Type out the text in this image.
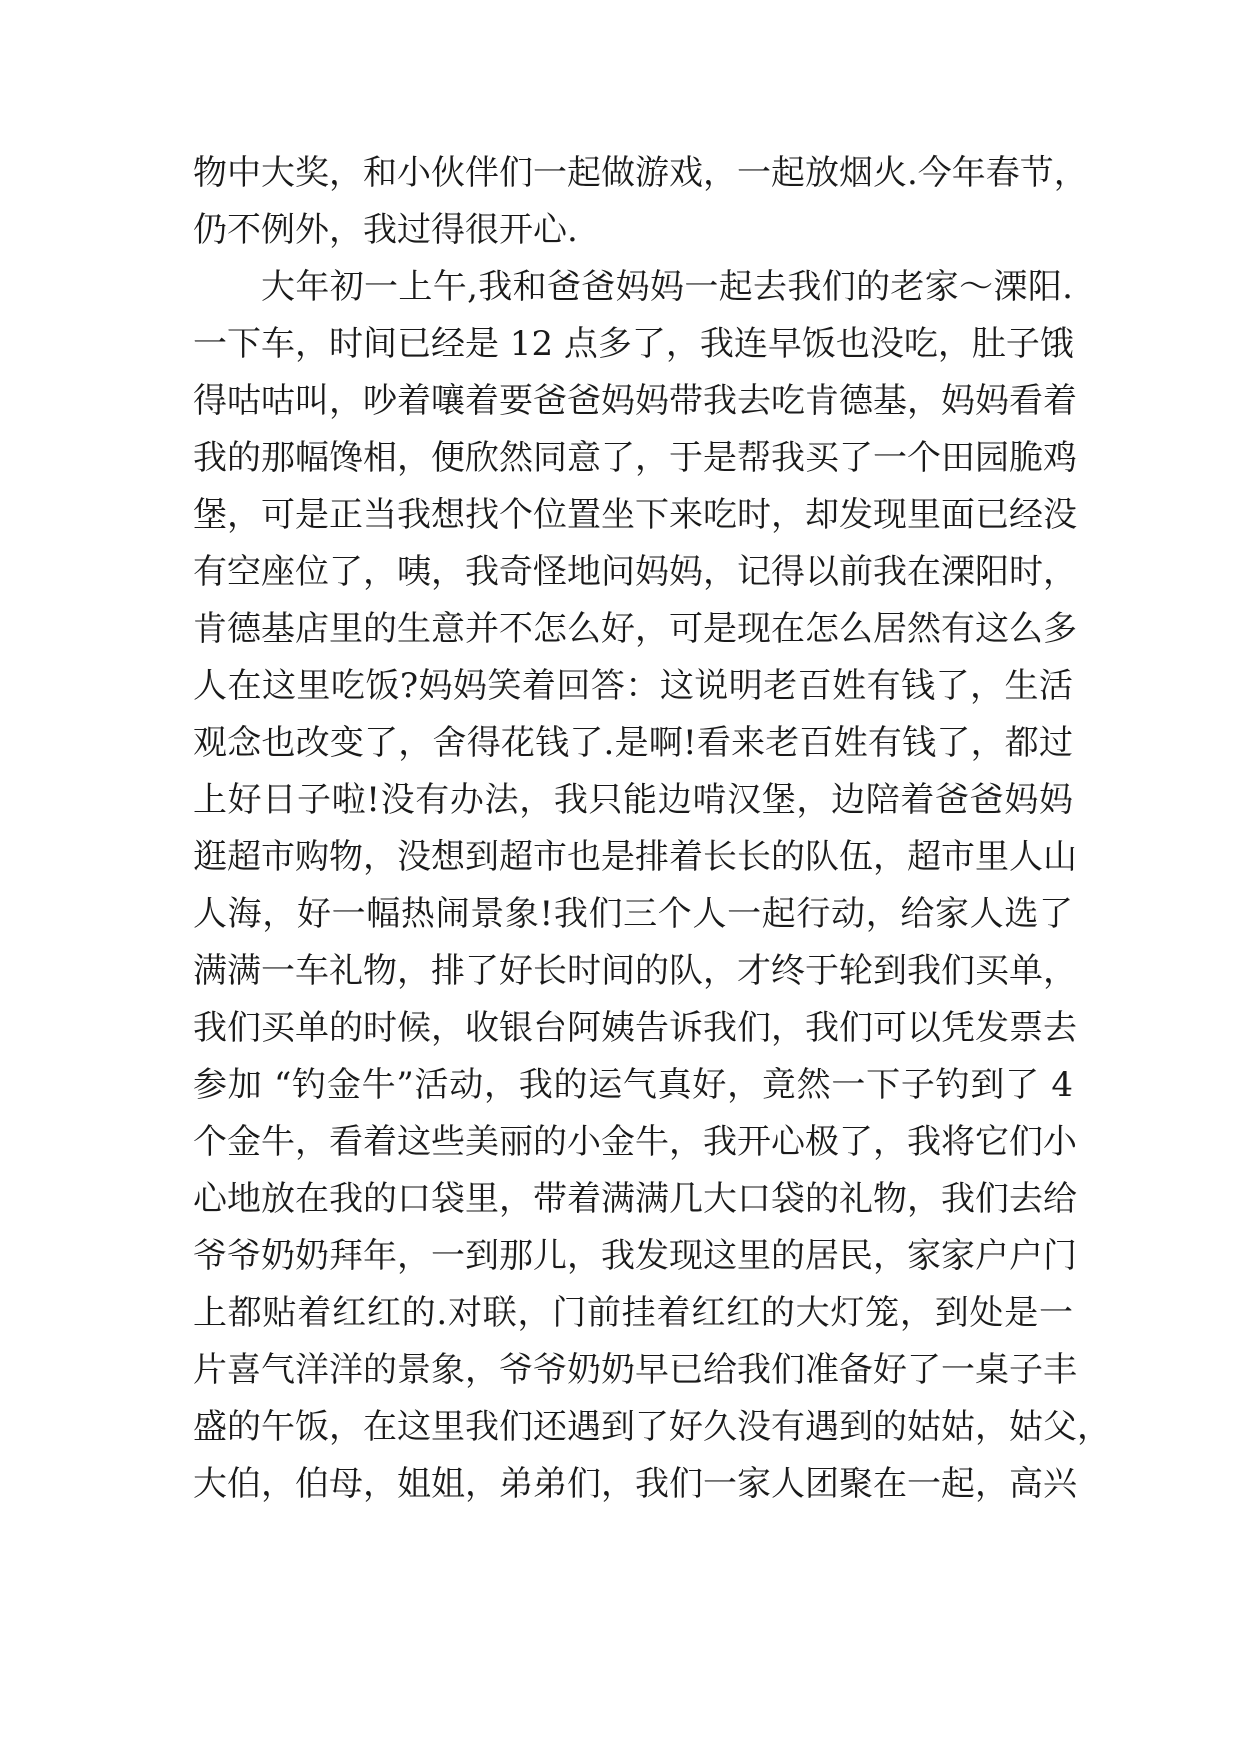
物中大奖，和小伙伴们一起做游戏，一起放烟火.今年春节，
仍不例外，我过得很开心.
大年初一上午,我和爸爸妈妈一起去我们的老家～溧阳.
一下车，时间已经是 12 点多了，我连早饭也没吃，肚子饿
得咕咕叫，吵着嚷着要爸爸妈妈带我去吃肯德基，妈妈看着
我的那幅馋相，便欣然同意了，于是帮我买了一个田园脆鸡
堡，可是正当我想找个位置坐下来吃时，却发现里面已经没
有空座位了，咦，我奇怪地问妈妈，记得以前我在溧阳时，
肯德基店里的生意并不怎么好，可是现在怎么居然有这么多
人在这里吃饭?妈妈笑着回答：这说明老百姓有钱了，生活
观念也改变了，舍得花钱了.是啊!看来老百姓有钱了，都过
上好日子啦!没有办法，我只能边啃汉堡，边陪着爸爸妈妈
逛超市购物，没想到超市也是排着长长的队伍，超市里人山
人海，好一幅热闹景象!我们三个人一起行动，给家人选了
满满一车礼物，排了好长时间的队，才终于轮到我们买单，
我们买单的时候，收银台阿姨告诉我们，我们可以凭发票去
参加 “钓金牛”活动，我的运气真好，竟然一下子钓到了 4
个金牛，看着这些美丽的小金牛，我开心极了，我将它们小
心地放在我的口袋里，带着满满几大口袋的礼物，我们去给
爷爷奶奶拜年，一到那儿，我发现这里的居民，家家户户门
上都贴着红红的.对联，门前挂着红红的大灯笼，到处是一
片喜气洋洋的景象，爷爷奶奶早已给我们准备好了一桌子丰
盛的午饭，在这里我们还遇到了好久没有遇到的姑姑，姑父，
大伯，伯母，姐姐，弟弟们，我们一家人团聚在一起，高兴
